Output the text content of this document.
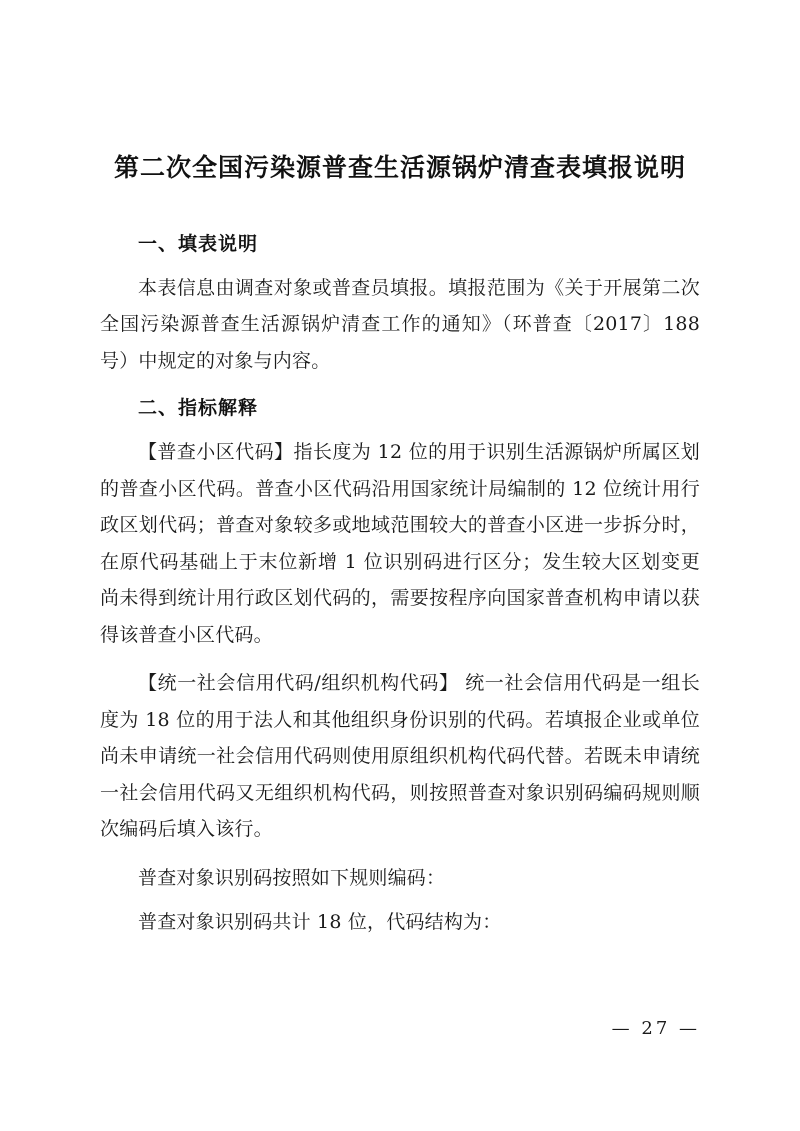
第二次全国污染源普查生活源锅炉清查表填报说明
一、填表说明

本表信息由调查对象或普查员填报。填报范围为《关于开展第二次全国污染源普查生活源锅炉清查工作的通知》（环普查〔2017〕188 号）中规定的对象与内容。

二、指标解释

【普查小区代码】指长度为 12 位的用于识别生活源锅炉所属区划的普查小区代码。普查小区代码沿用国家统计局编制的 12 位统计用行政区划代码；普查对象较多或地域范围较大的普查小区进一步拆分时，在原代码基础上于末位新增 1 位识别码进行区分；发生较大区划变更尚未得到统计用行政区划代码的，需要按程序向国家普查机构申请以获得该普查小区代码。

【统一社会信用代码/组织机构代码】 统一社会信用代码是一组长度为 18 位的用于法人和其他组织身份识别的代码。若填报企业或单位尚未申请统一社会信用代码则使用原组织机构代码代替。若既未申请统一社会信用代码又无组织机构代码，则按照普查对象识别码编码规则顺次编码后填入该行。

普查对象识别码按照如下规则编码：

普查对象识别码共计 18 位，代码结构为：

— 27 —
